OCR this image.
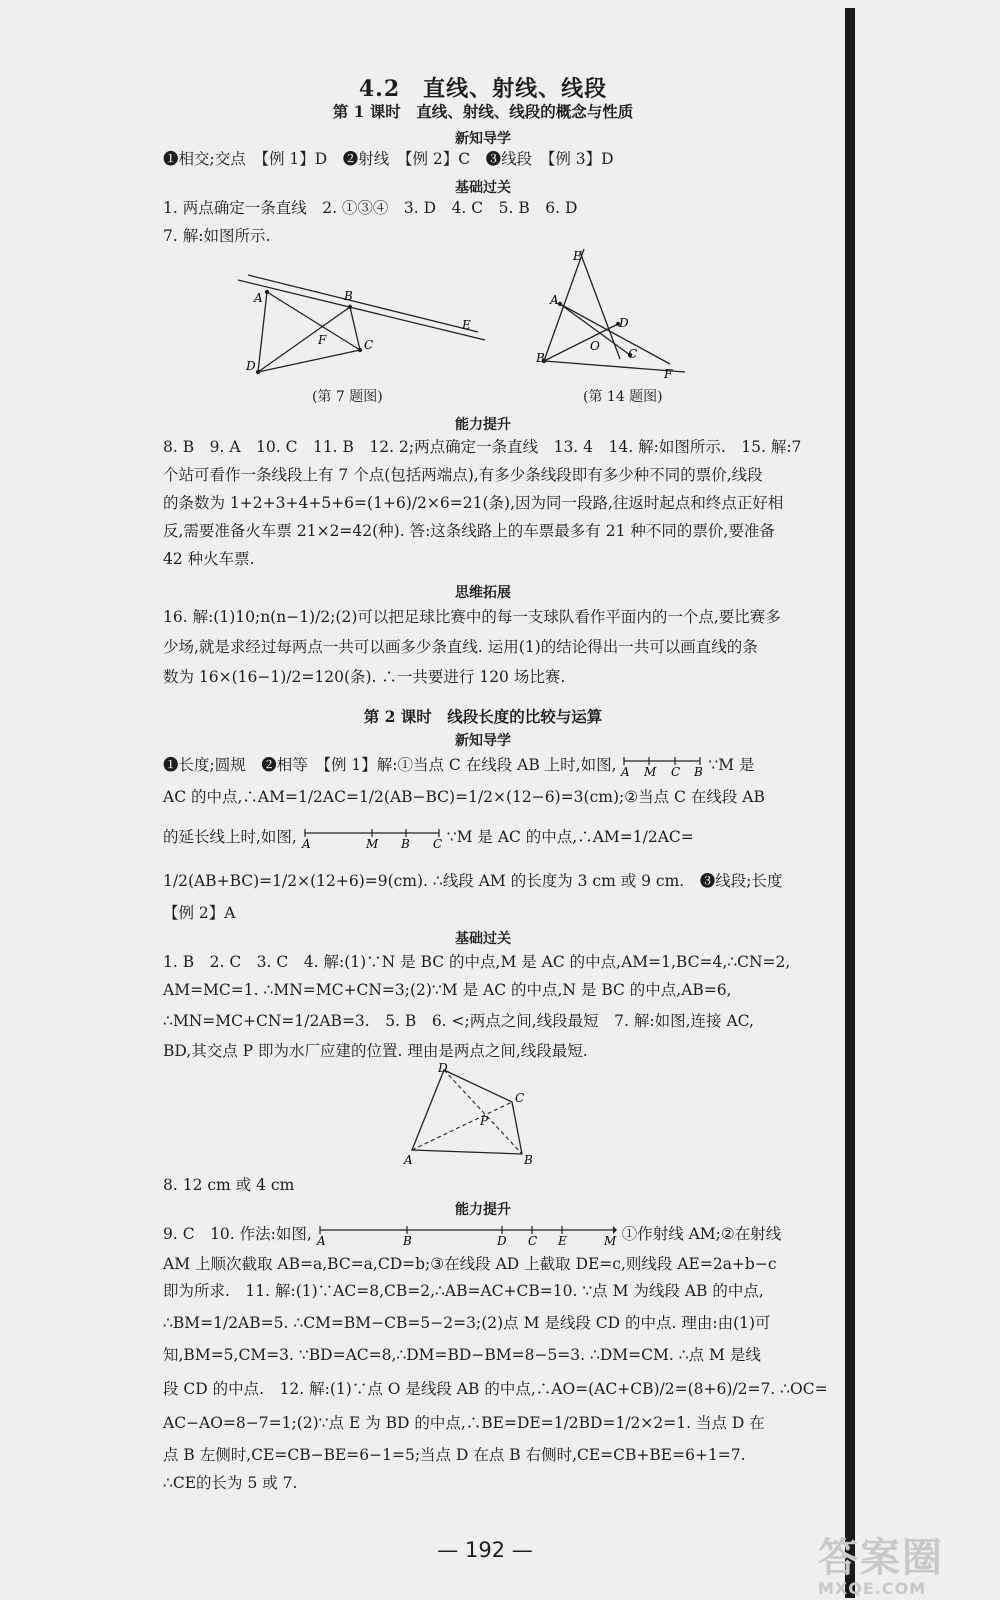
4.2　直线、射线、线段
第 1 课时　直线、射线、线段的概念与性质
新知导学
❶相交;交点　【例 1】D　❷射线　【例 2】C　❸线段　【例 3】D
基础过关
1. 两点确定一条直线　2. ①③④　3. D　4. C　5. B　6. D
7. 解:如图所示.
A	B
F
E
C
D
(第 7 题图)
E
A
D
O
C
B
F
(第 14 题图)
能力提升
8. B　9. A　10. C　11. B　12. 2;两点确定一条直线　13. 4　14. 解:如图所示.　15. 解:7
个站可看作一条线段上有 7 个点(包括两端点),有多少条线段即有多少种不同的票价,线段
的条数为 1+2+3+4+5+6=(1+6)/2×6=21(条),因为同一段路,往返时起点和终点正好相
反,需要准备火车票 21×2=42(种). 答:这条线路上的车票最多有 21 种不同的票价,要准备
42 种火车票.
思维拓展
16. 解:(1)10;n(n−1)/2;(2)可以把足球比赛中的每一支球队看作平面内的一个点,要比赛多
少场,就是求经过每两点一共可以画多少条直线. 运用(1)的结论得出一共可以画直线的条
数为 16×(16−1)/2=120(条). ∴一共要进行 120 场比赛.
第 2 课时　线段长度的比较与运算
新知导学
❶长度;圆规　❷相等　【例 1】解:①当点 C 在线段 AB 上时,如图, A M C B ∵M 是
AC 的中点,∴AM=1/2AC=1/2(AB−BC)=1/2×(12−6)=3(cm);②当点 C 在线段 AB
的延长线上时,如图, A	M B C ∵M 是 AC 的中点,∴AM=1/2AC=
1/2(AB+BC)=1/2×(12+6)=9(cm). ∴线段 AM 的长度为 3 cm 或 9 cm.　❸线段;长度
【例 2】A
基础过关
1. B　2. C　3. C　4. 解:(1)∵N 是 BC 的中点,M 是 AC 的中点,AM=1,BC=4,∴CN=2,
AM=MC=1. ∴MN=MC+CN=3;(2)∵M 是 AC 的中点,N 是 BC 的中点,AB=6,
∴MN=MC+CN=1/2AB=3.　5. B　6. <;两点之间,线段最短　7. 解:如图,连接 AC,
BD,其交点 P 即为水厂应建的位置. 理由是两点之间,线段最短.
D
C
P
A	B
8. 12 cm 或 4 cm
能力提升
9. C　10. 作法:如图, A	B	D C E	M ①作射线 AM;②在射线
AM 上顺次截取 AB=a,BC=a,CD=b;③在线段 AD 上截取 DE=c,则线段 AE=2a+b−c
即为所求.　11. 解:(1)∵AC=8,CB=2,∴AB=AC+CB=10. ∵点 M 为线段 AB 的中点,
∴BM=1/2AB=5. ∴CM=BM−CB=5−2=3;(2)点 M 是线段 CD 的中点. 理由:由(1)可
知,BM=5,CM=3. ∵BD=AC=8,∴DM=BD−BM=8−5=3. ∴DM=CM. ∴点 M 是线
段 CD 的中点.　12. 解:(1)∵点 O 是线段 AB 的中点,∴AO=(AC+CB)/2=(8+6)/2=7. ∴OC=
AC−AO=8−7=1;(2)∵点 E 为 BD 的中点,∴BE=DE=1/2BD=1/2×2=1. 当点 D 在
点 B 左侧时,CE=CB−BE=6−1=5;当点 D 在点 B 右侧时,CE=CB+BE=6+1=7.
∴CE的长为 5 或 7.
— 192 —	答案圈
MXQE.COM
